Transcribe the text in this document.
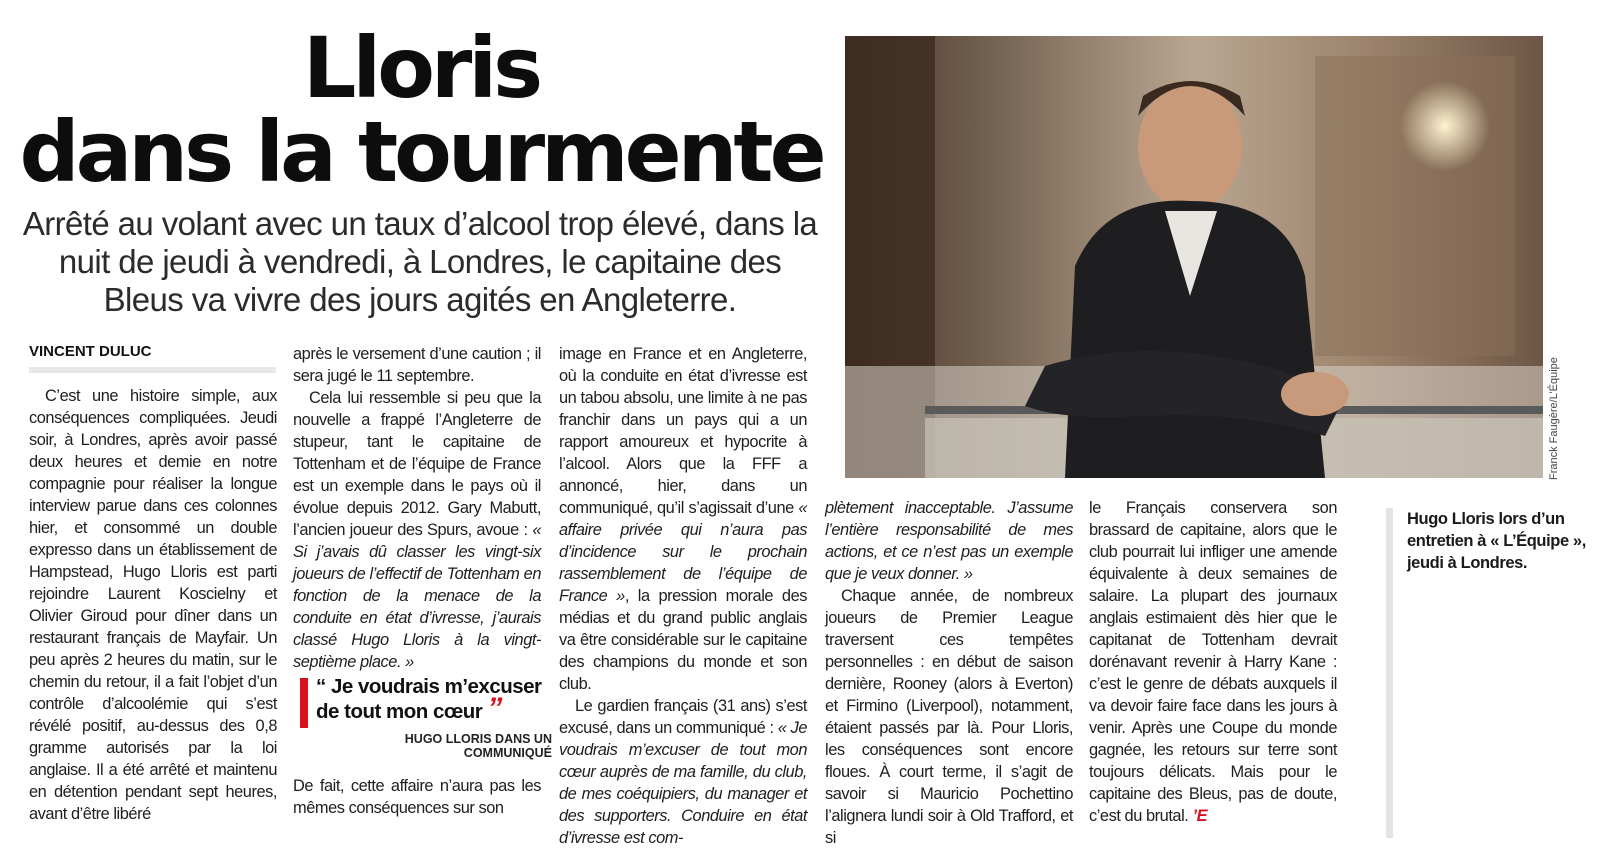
Lloris
dans la tourmente

Arrêté au volant avec un taux d’alcool trop élevé, dans la nuit de jeudi à vendredi, à Londres, le capitaine des Bleus va vivre des jours agités en Angleterre.

VINCENT DULUC

C’est une histoire simple, aux conséquences compliquées. Jeudi soir, à Londres, après avoir passé deux heures et demie en notre compagnie pour réaliser la longue interview parue dans ces colonnes hier, et consommé un double expresso dans un établissement de Hampstead, Hugo Lloris est parti rejoindre Laurent Koscielny et Olivier Giroud pour dîner dans un restaurant français de Mayfair. Un peu après 2 heures du matin, sur le chemin du retour, il a fait l’objet d’un contrôle d’alcoolémie qui s’est révélé positif, au-dessus des 0,8 gramme autorisés par la loi anglaise. Il a été arrêté et maintenu en détention pendant sept heures, avant d’être libéré

après le versement d’une caution ; il sera jugé le 11 septembre.

Cela lui ressemble si peu que la nouvelle a frappé l’Angleterre de stupeur, tant le capitaine de Tottenham et de l’équipe de France est un exemple dans le pays où il évolue depuis 2012. Gary Mabutt, l’ancien joueur des Spurs, avoue : « Si j’avais dû classer les vingt-six joueurs de l’effectif de Tottenham en fonction de la menace de la conduite en état d’ivresse, j’aurais classé Hugo Lloris à la vingt-septième place. »

De fait, cette affaire n’aura pas les mêmes conséquences sur son

image en France et en Angleterre, où la conduite en état d’ivresse est un tabou absolu, une limite à ne pas franchir dans un pays qui a un rapport amoureux et hypocrite à l’alcool. Alors que la FFF a annoncé, hier, dans un communiqué, qu’il s’agissait d’une « affaire privée qui n’aura pas d’incidence sur le prochain rassemblement de l’équipe de France », la pression morale des médias et du grand public anglais va être considérable sur le capitaine des champions du monde et son club.

Le gardien français (31 ans) s’est excusé, dans un communiqué : « Je voudrais m’excuser de tout mon cœur auprès de ma famille, du club, de mes coéquipiers, du manager et des supporters. Conduire en état d’ivresse est com-

“ Je voudrais m’excuser de tout mon cœur ”
HUGO LLORIS DANS UN COMMUNIQUÉ
Franck Faugère/L’Équipe

plètement inacceptable. J’assume l’entière responsabilité de mes actions, et ce n’est pas un exemple que je veux donner. »

Chaque année, de nombreux joueurs de Premier League traversent ces tempêtes personnelles : en début de saison dernière, Rooney (alors à Everton) et Firmino (Liverpool), notamment, étaient passés par là. Pour Lloris, les conséquences sont encore floues. À court terme, il s’agit de savoir si Mauricio Pochettino l’alignera lundi soir à Old Trafford, et si

le Français conservera son brassard de capitaine, alors que le club pourrait lui infliger une amende équivalente à deux semaines de salaire. La plupart des journaux anglais estimaient dès hier que le capitanat de Tottenham devrait dorénavant revenir à Harry Kane : c’est le genre de débats auxquels il va devoir faire face dans les jours à venir. Après une Coupe du monde gagnée, les retours sur terre sont toujours délicats. Mais pour le capitaine des Bleus, pas de doute, c’est du brutal. ’E

Hugo Lloris lors d’un entretien à « L’Équipe », jeudi à Londres.
